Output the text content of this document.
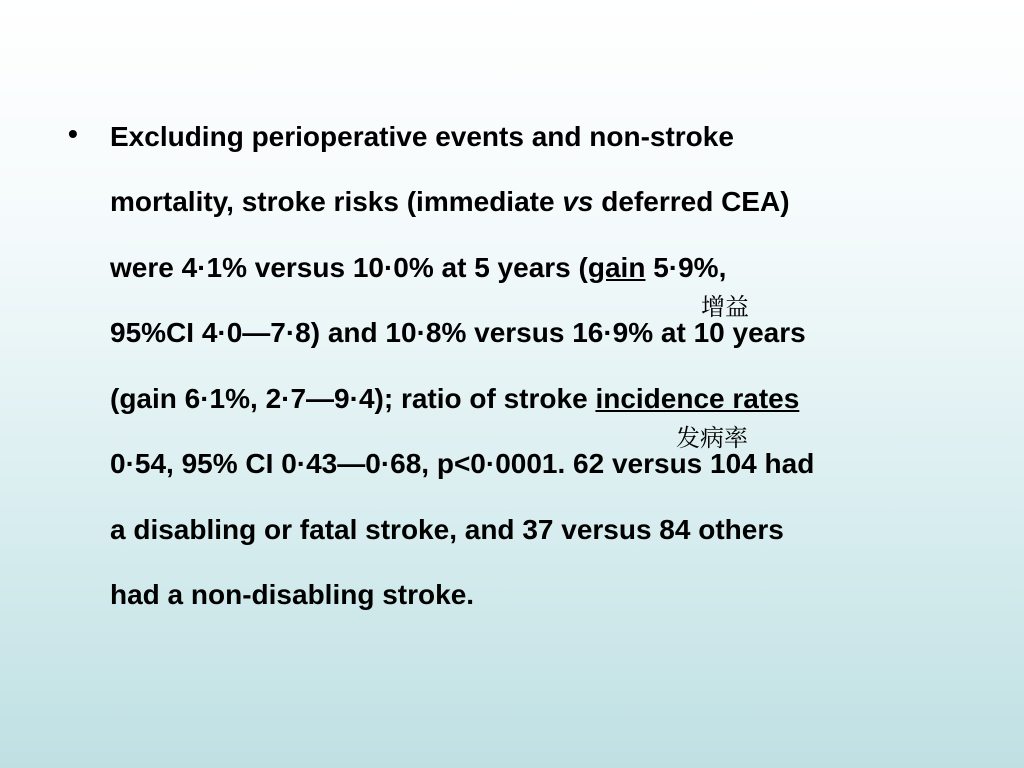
• Excluding perioperative events and non-stroke
mortality, stroke risks (immediate vs deferred CEA)
were 4·1% versus 10·0% at 5 years (gain 5·9%,
95%CI 4·0—7·8) and 10·8% versus 16·9% at 10 years
(gain 6·1%, 2·7—9·4); ratio of stroke incidence rates
0·54, 95% CI 0·43—0·68, p<0·0001. 62 versus 104 had
a disabling or fatal stroke, and 37 versus 84 others
had a non-disabling stroke.
增益
发病率
